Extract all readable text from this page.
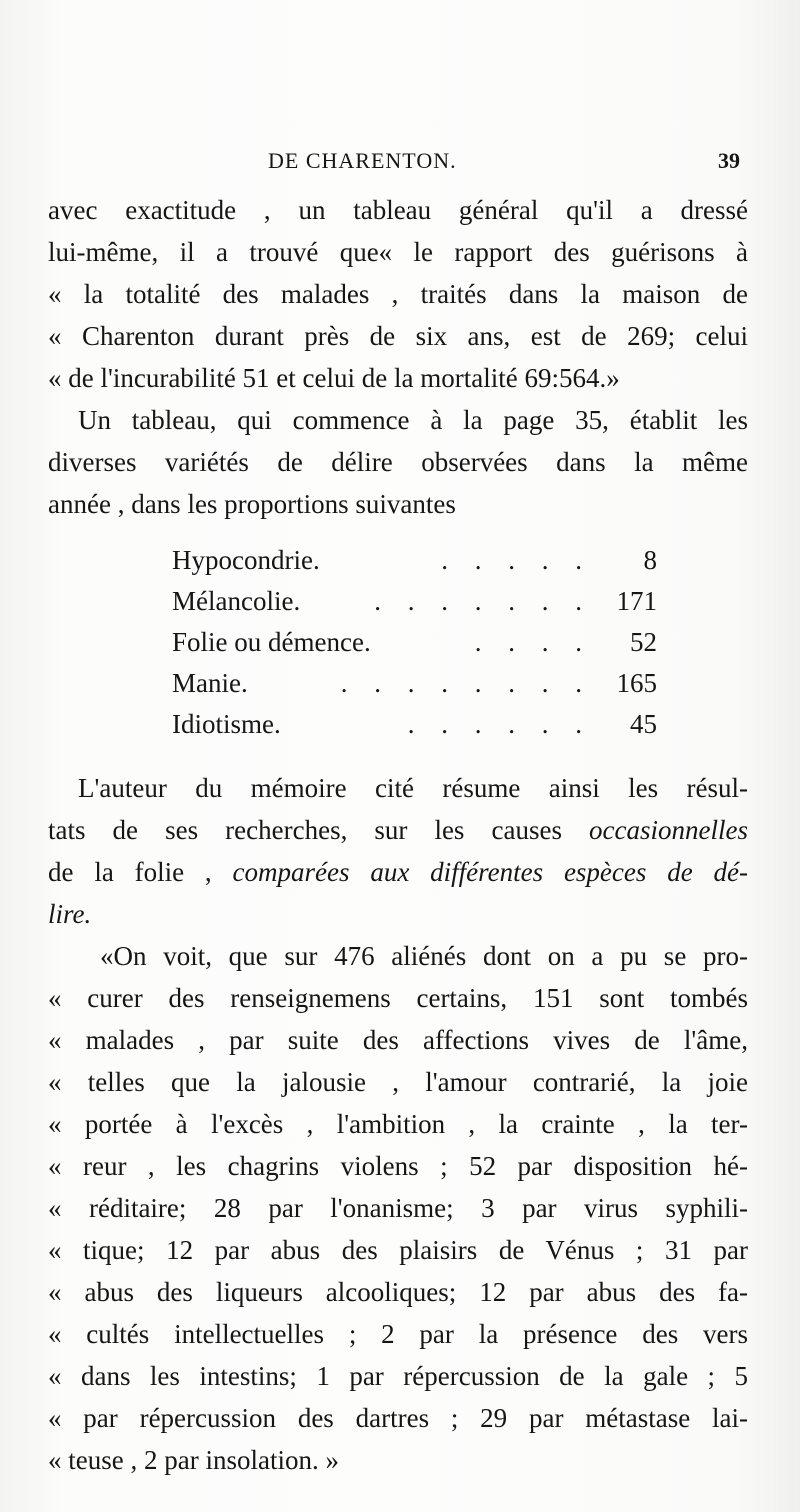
DE CHARENTON.	39
avec exactitude , un tableau général qu'il a dressé
lui-même, il a trouvé que« le rapport des guérisons à
« la totalité des malades , traités dans la maison de
« Charenton durant près de six ans, est de 269; celui
« de l'incurabilité 51 et celui de la mortalité 69:564.»
Un tableau, qui commence à la page 35, établit les
diverses variétés de délire observées dans la même
année , dans les proportions suivantes
Hypocondrie.	. . . . . 8
Mélancolie.	. . . . . . . 171
Folie ou démence.	. . . . 52
Manie.	. . . . . . . . 165
Idiotisme.	. . . . . . 45
L'auteur du mémoire cité résume ainsi les résul-
tats de ses recherches, sur les causes occasionnelles
de la folie , comparées aux différentes espèces de dé-
lire.
«On voit, que sur 476 aliénés dont on a pu se pro-
« curer des renseignemens certains, 151 sont tombés
« malades , par suite des affections vives de l'âme,
« telles que la jalousie , l'amour contrarié, la joie
« portée à l'excès , l'ambition , la crainte , la ter-
« reur , les chagrins violens ; 52 par disposition hé-
« réditaire; 28 par l'onanisme; 3 par virus syphili-
« tique; 12 par abus des plaisirs de Vénus ; 31 par
« abus des liqueurs alcooliques; 12 par abus des fa-
« cultés intellectuelles ; 2 par la présence des vers
« dans les intestins; 1 par répercussion de la gale ; 5
« par répercussion des dartres ; 29 par métastase lai-
« teuse , 2 par insolation. »
